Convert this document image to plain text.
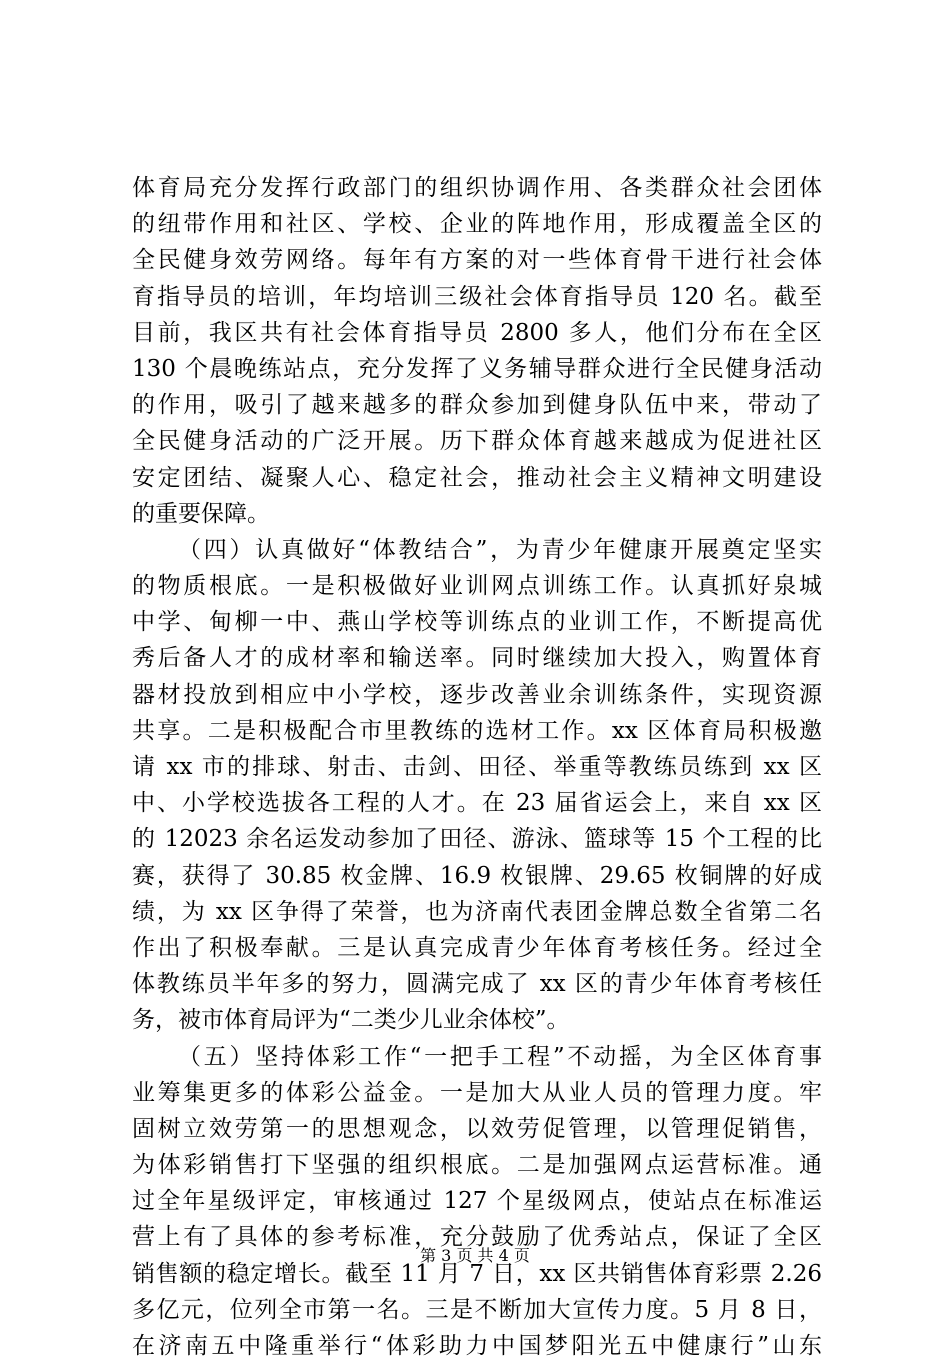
体育局充分发挥行政部门的组织协调作用、各类群众社会团体
的纽带作用和社区、学校、企业的阵地作用，形成覆盖全区的
全民健身效劳网络。每年有方案的对一些体育骨干进行社会体
育指导员的培训，年均培训三级社会体育指导员 120 名。截至
目前，我区共有社会体育指导员 2800 多人，他们分布在全区
130 个晨晚练站点，充分发挥了义务辅导群众进行全民健身活动
的作用，吸引了越来越多的群众参加到健身队伍中来，带动了
全民健身活动的广泛开展。历下群众体育越来越成为促进社区
安定团结、凝聚人心、稳定社会，推动社会主义精神文明建设
的重要保障。
（四）认真做好“体教结合”，为青少年健康开展奠定坚实
的物质根底。一是积极做好业训网点训练工作。认真抓好泉城
中学、甸柳一中、燕山学校等训练点的业训工作，不断提高优
秀后备人才的成材率和输送率。同时继续加大投入，购置体育
器材投放到相应中小学校，逐步改善业余训练条件，实现资源
共享。二是积极配合市里教练的选材工作。xx 区体育局积极邀
请 xx 市的排球、射击、击剑、田径、举重等教练员练到 xx 区
中、小学校选拔各工程的人才。在 23 届省运会上，来自 xx 区
的 12023 余名运发动参加了田径、游泳、篮球等 15 个工程的比
赛，获得了 30.85 枚金牌、16.9 枚银牌、29.65 枚铜牌的好成
绩，为 xx 区争得了荣誉，也为济南代表团金牌总数全省第二名
作出了积极奉献。三是认真完成青少年体育考核任务。经过全
体教练员半年多的努力，圆满完成了 xx 区的青少年体育考核任
务，被市体育局评为“二类少儿业余体校”。
（五）坚持体彩工作“一把手工程”不动摇，为全区体育事
业筹集更多的体彩公益金。一是加大从业人员的管理力度。牢
固树立效劳第一的思想观念，以效劳促管理，以管理促销售，
为体彩销售打下坚强的组织根底。二是加强网点运营标准。通
过全年星级评定，审核通过 127 个星级网点，使站点在标准运
营上有了具体的参考标准，充分鼓励了优秀站点，保证了全区
销售额的稳定增长。截至 11 月 7 日，xx 区共销售体育彩票 2.26
多亿元，位列全市第一名。三是不断加大宣传力度。5 月 8 日，
在济南五中隆重举行“体彩助力中国梦阳光五中健康行”山东
第 3 页 共 4 页
